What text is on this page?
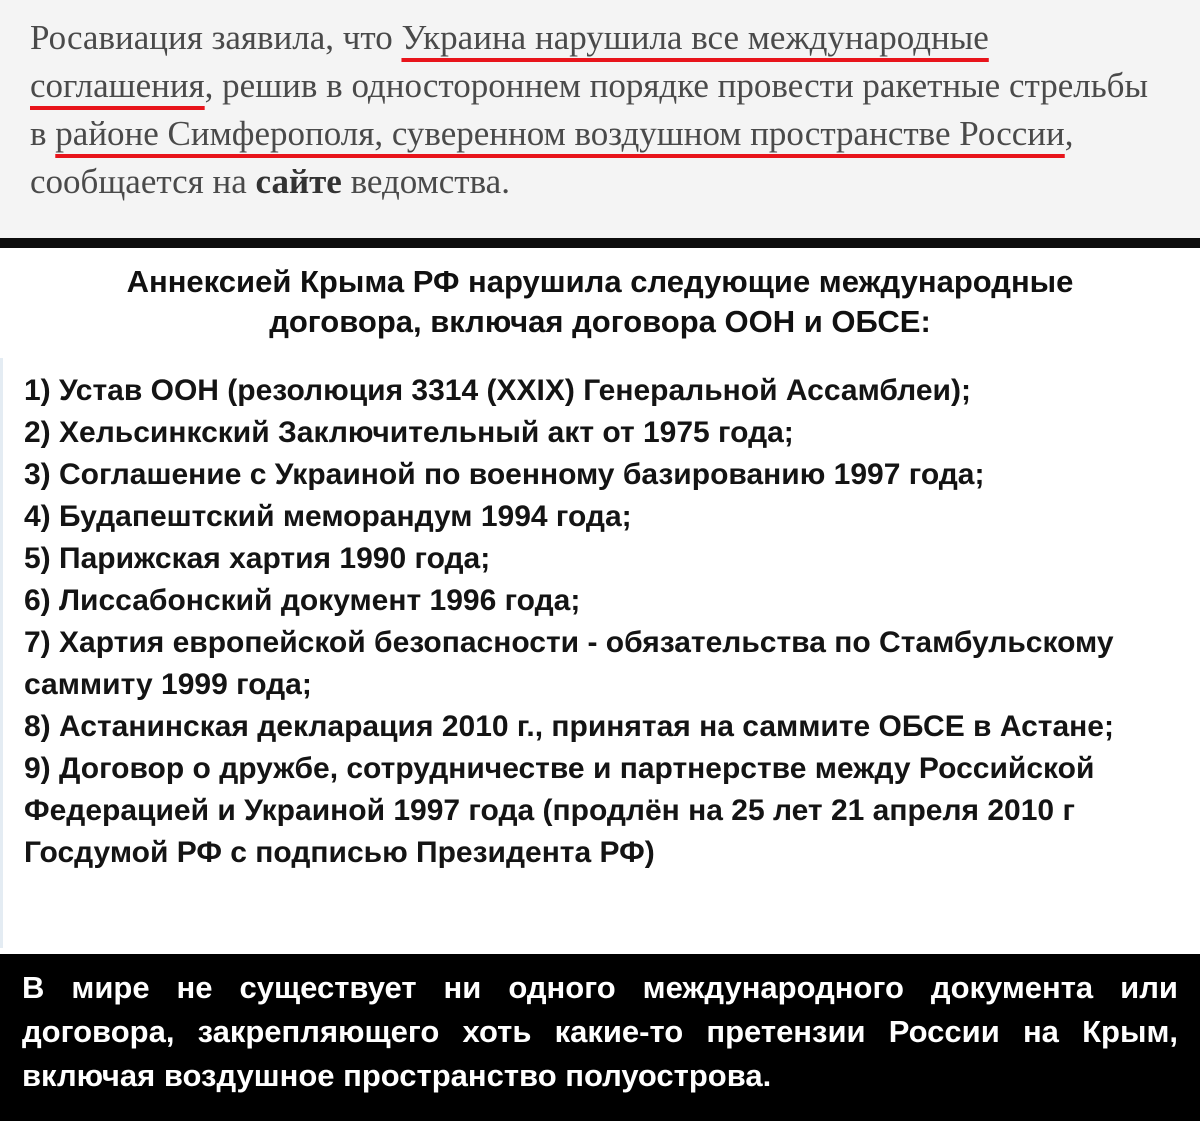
Росавиация заявила, что Украина нарушила все международные соглашения, решив в одностороннем порядке провести ракетные стрельбы в районе Симферополя, суверенном воздушном пространстве России, сообщается на сайте ведомства.

Аннексией Крыма РФ нарушила следующие международные
договора, включая договора ООН и ОБСЕ:
1) Устав ООН (резолюция 3314 (XXIX) Генеральной Ассамблеи);
2) Хельсинкский Заключительный акт от 1975 года;
3) Соглашение с Украиной по военному базированию 1997 года;
4) Будапештский меморандум 1994 года;
5) Парижская хартия 1990 года;
6) Лиссабонский документ 1996 года;
7) Хартия европейской безопасности - обязательства по Стамбульскому саммиту 1999 года;
8) Астанинская декларация 2010 г., принятая на саммите ОБСЕ в Астане;
9) Договор о дружбе, сотрудничестве и партнерстве между Российской Федерацией и Украиной 1997 года (продлён на 25 лет 21 апреля 2010 г Госдумой РФ с подписью Президента РФ)
В мире не существует ни одного международного документа или договора, закрепляющего хоть какие-то претензии России на Крым, включая воздушное пространство полуострова.
